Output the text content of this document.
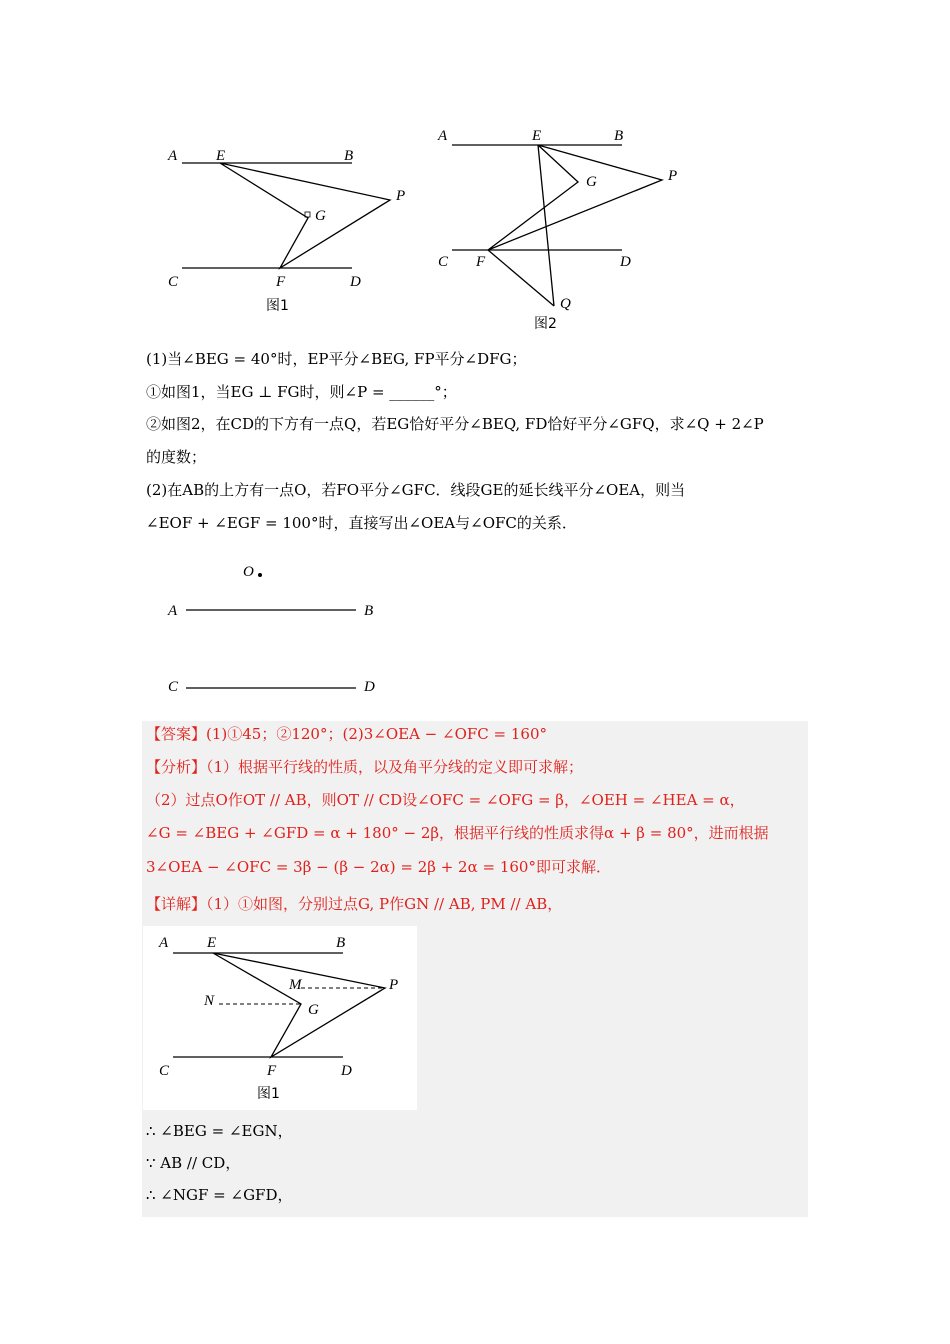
A	E	B
P
G
C	F	D
图1
A	E	B
G	P
C F	D
Q
图2
(1)当∠BEG = 40°时，EP平分∠BEG, FP平分∠DFG；
①如图1，当EG ⊥ FG时，则∠P = ______°；
②如图2，在CD的下方有一点Q，若EG恰好平分∠BEQ, FD恰好平分∠GFQ，求∠Q + 2∠P
的度数；
(2)在AB的上方有一点O，若FO平分∠GFC．线段GE的延长线平分∠OEA，则当
∠EOF + ∠EGF = 100°时，直接写出∠OEA与∠OFC的关系．
O
A	B
C	D
【答案】(1)①45；②120°；(2)3∠OEA − ∠OFC = 160°
【分析】（1）根据平行线的性质，以及角平分线的定义即可求解；
（2）过点O作OT // AB，则OT // CD设∠OFC = ∠OFG = β，∠OEH = ∠HEA = α，
∠G = ∠BEG + ∠GFD = α + 180° − 2β，根据平行线的性质求得α + β = 80°，进而根据
3∠OEA − ∠OFC = 3β − (β − 2α) = 2β + 2α = 160°即可求解．
【详解】（1）①如图，分别过点G, P作GN // AB, PM // AB，
A	E	B
M	P
N
G
C	F	D
图1
∴ ∠BEG = ∠EGN，
∵ AB // CD，
∴ ∠NGF = ∠GFD，
